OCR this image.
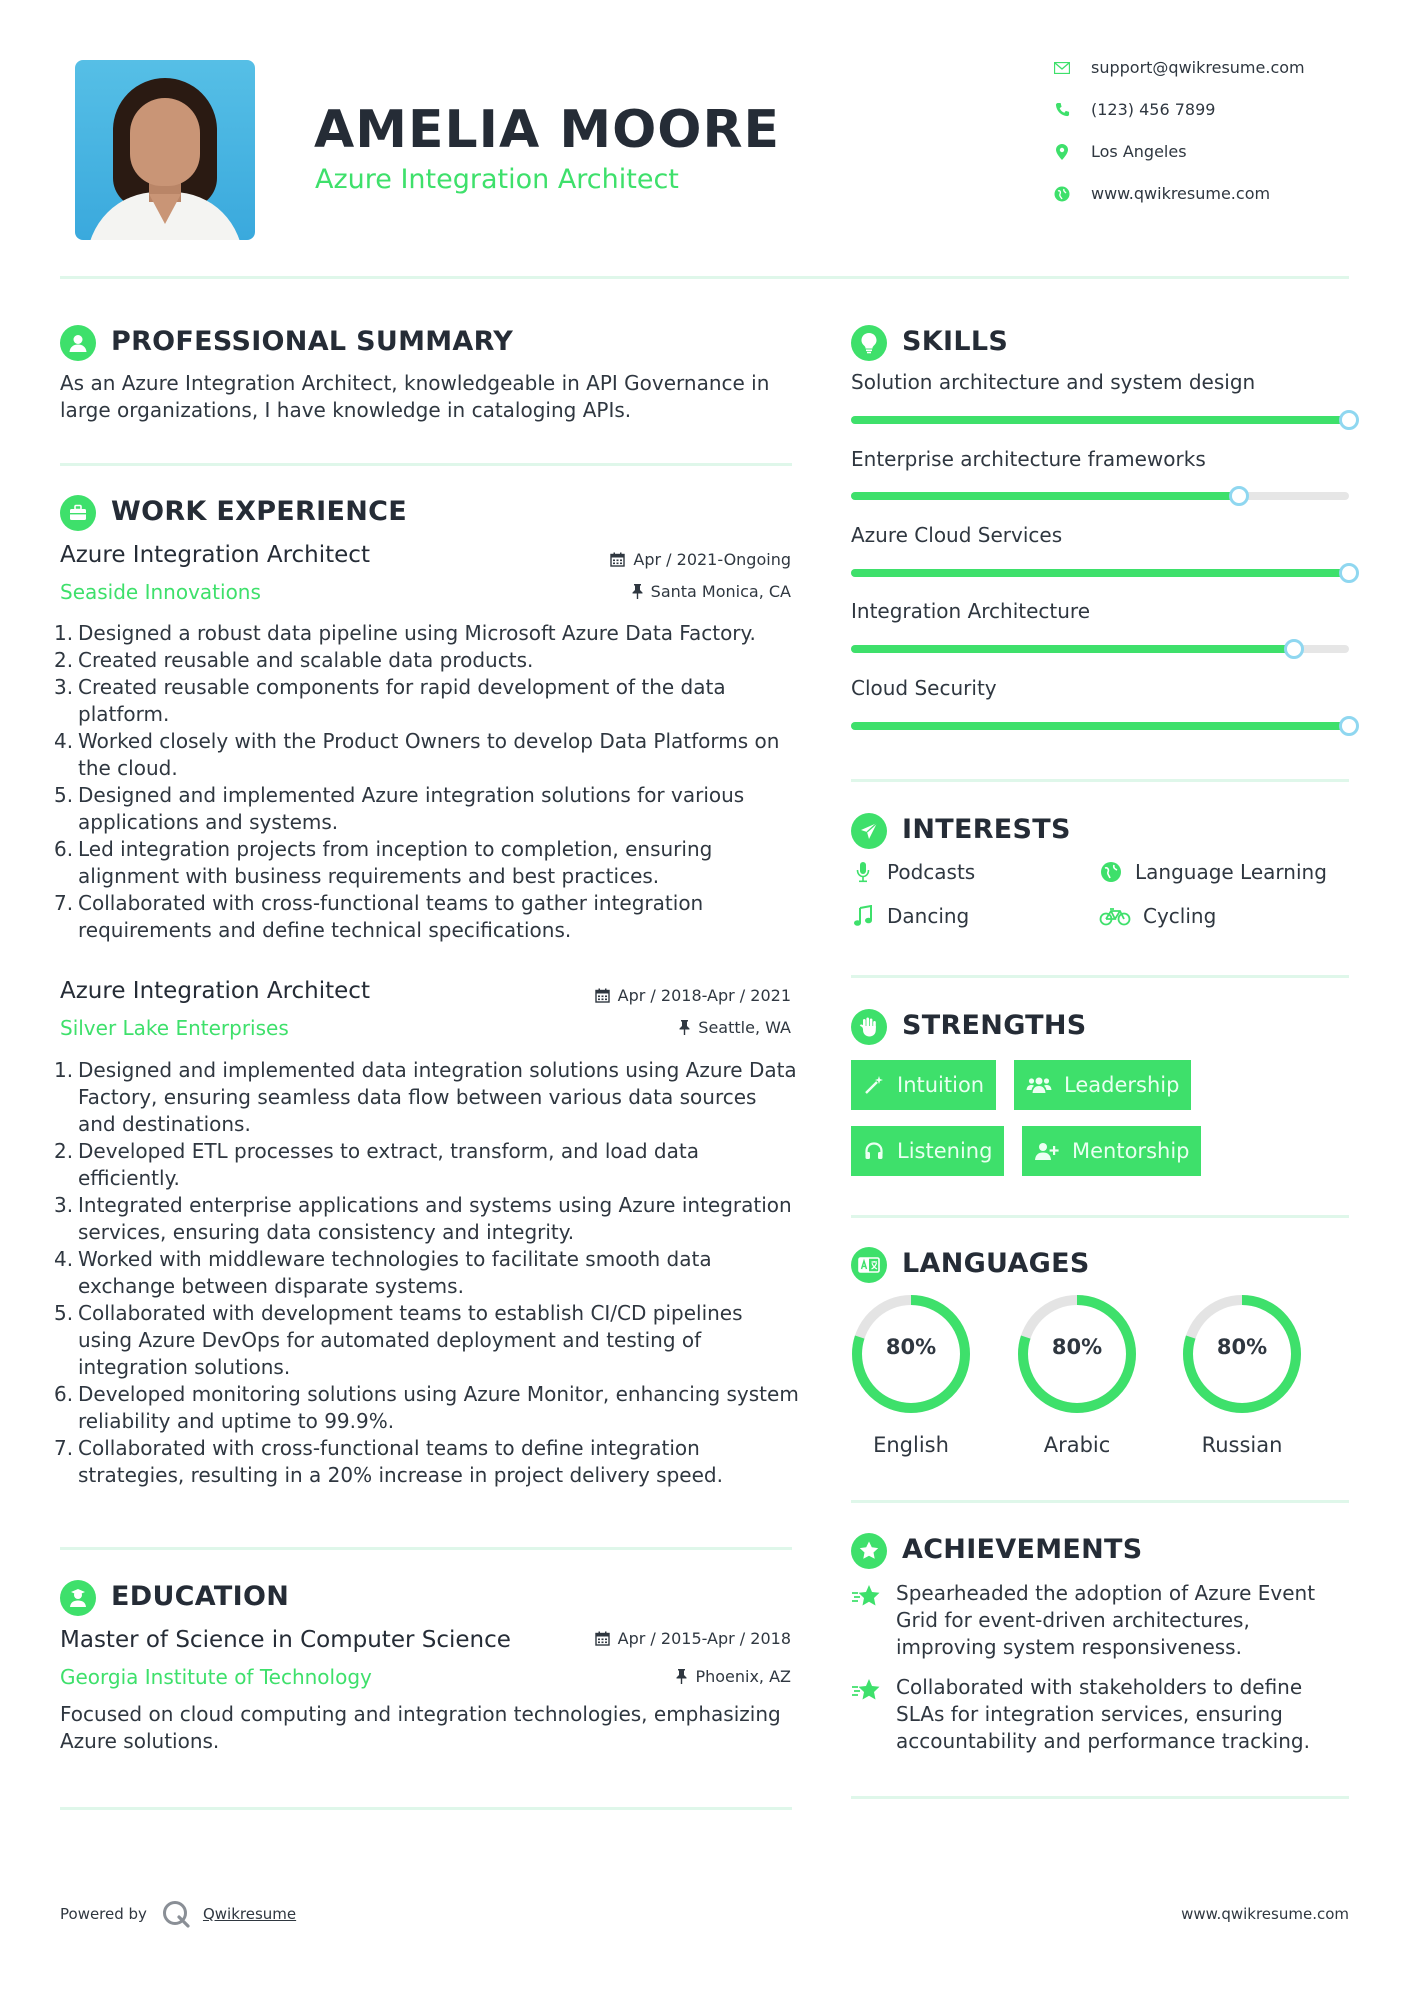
AMELIA MOORE
Azure Integration Architect
support@qwikresume.com
(123) 456 7899
Los Angeles
www.qwikresume.com
PROFESSIONAL SUMMARY
As an Azure Integration Architect, knowledgeable in API Governance in large organizations, I have knowledge in cataloging APIs.
WORK EXPERIENCE
Azure Integration Architect
Seaside Innovations
Apr / 2021-Ongoing
Santa Monica, CA
1. Designed a robust data pipeline using Microsoft Azure Data Factory.
2. Created reusable and scalable data products.
3. Created reusable components for rapid development of the data platform.
4. Worked closely with the Product Owners to develop Data Platforms on the cloud.
5. Designed and implemented Azure integration solutions for various applications and systems.
6. Led integration projects from inception to completion, ensuring alignment with business requirements and best practices.
7. Collaborated with cross-functional teams to gather integration requirements and define technical specifications.
Azure Integration Architect
Silver Lake Enterprises
Apr / 2018-Apr / 2021
Seattle, WA
1. Designed and implemented data integration solutions using Azure Data Factory, ensuring seamless data flow between various data sources and destinations.
2. Developed ETL processes to extract, transform, and load data efficiently.
3. Integrated enterprise applications and systems using Azure integration services, ensuring data consistency and integrity.
4. Worked with middleware technologies to facilitate smooth data exchange between disparate systems.
5. Collaborated with development teams to establish CI/CD pipelines using Azure DevOps for automated deployment and testing of integration solutions.
6. Developed monitoring solutions using Azure Monitor, enhancing system reliability and uptime to 99.9%.
7. Collaborated with cross-functional teams to define integration strategies, resulting in a 20% increase in project delivery speed.
EDUCATION
Master of Science in Computer Science
Georgia Institute of Technology
Apr / 2015-Apr / 2018
Phoenix, AZ
Focused on cloud computing and integration technologies, emphasizing Azure solutions.
SKILLS
Solution architecture and system design
Enterprise architecture frameworks
Azure Cloud Services
Integration Architecture
Cloud Security
INTERESTS
Podcasts	Language Learning
Dancing	Cycling
STRENGTHS
Intuition	Leadership
Listening	Mentorship
LANGUAGES
80%
English
80%
Arabic
80%
Russian
ACHIEVEMENTS
Spearheaded the adoption of Azure Event Grid for event-driven architectures, improving system responsiveness.
Collaborated with stakeholders to define SLAs for integration services, ensuring accountability and performance tracking.
Powered by	Qwikresume	www.qwikresume.com
